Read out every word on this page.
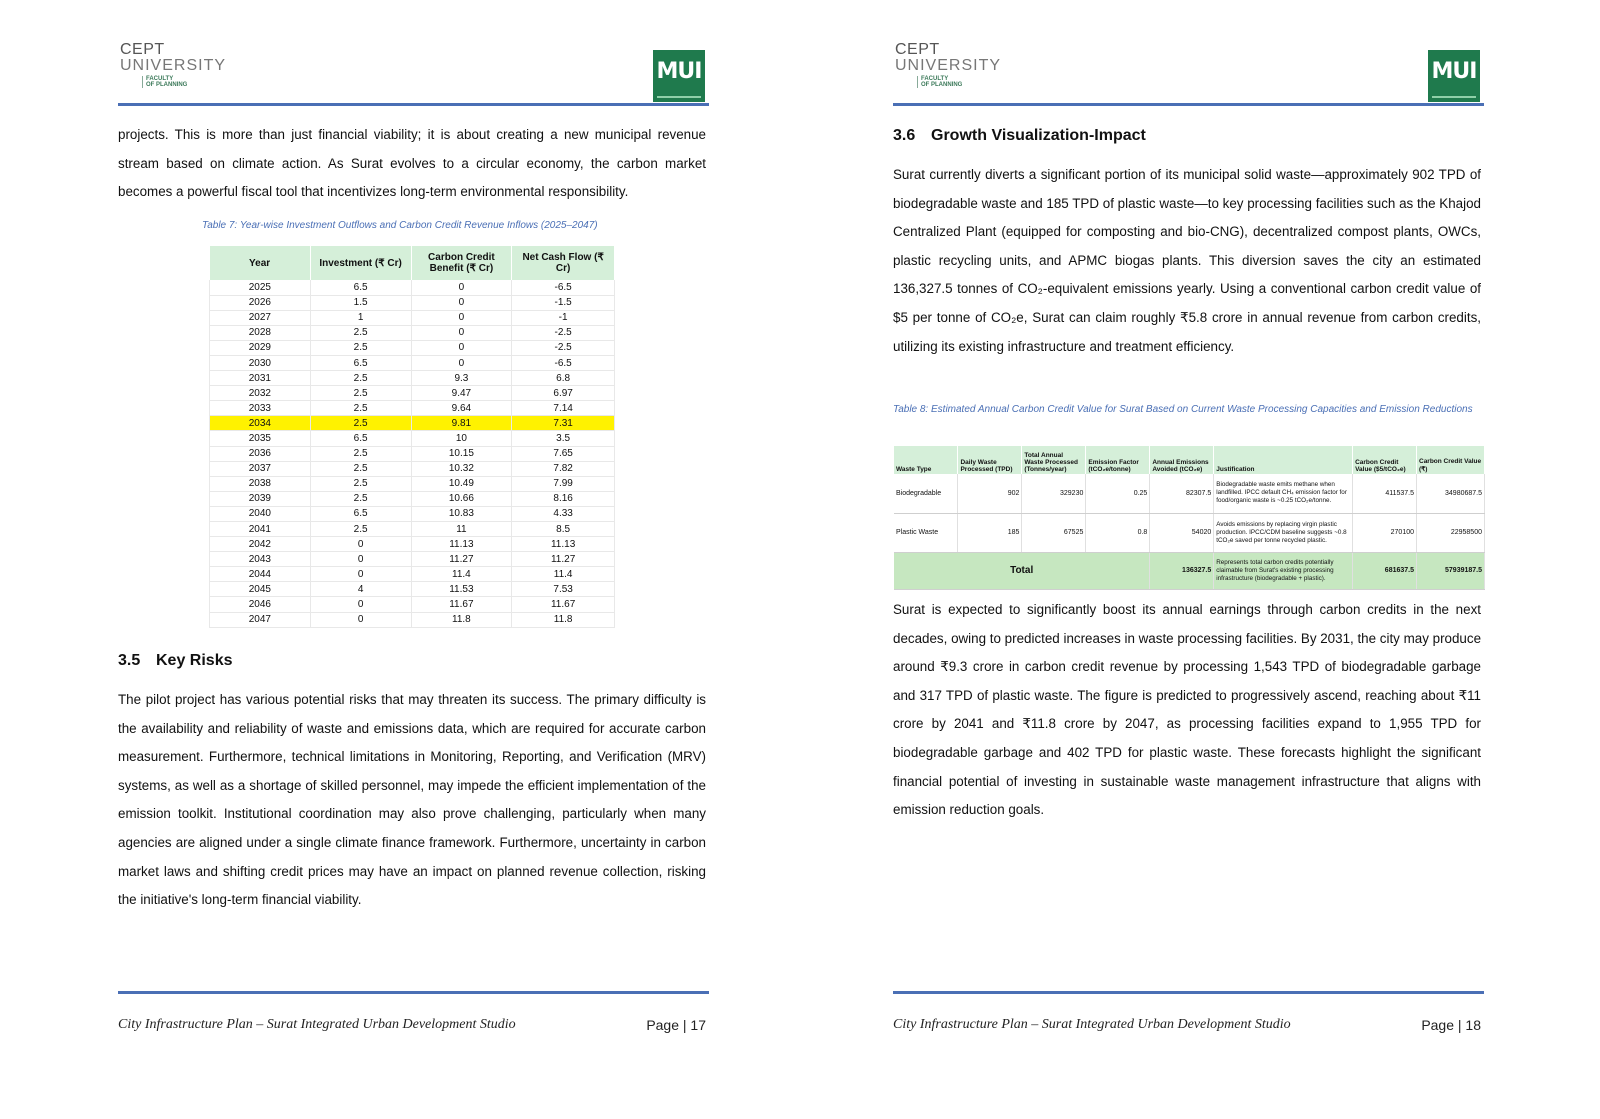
CEPT
UNIVERSITY
FACULTY
OF PLANNING
MUI

projects. This is more than just financial viability; it is about creating a new municipal revenue stream based on climate action. As Surat evolves to a circular economy, the carbon market becomes a powerful fiscal tool that incentivizes long-term environmental responsibility.

Table 7: Year-wise Investment Outflows and Carbon Credit Revenue Inflows (2025–2047)
Year	Investment (₹ Cr)	Carbon Credit Benefit (₹ Cr)	Net Cash Flow (₹ Cr)
2025	6.5	0	-6.5
2026	1.5	0	-1.5
2027	1	0	-1
2028	2.5	0	-2.5
2029	2.5	0	-2.5
2030	6.5	0	-6.5
2031	2.5	9.3	6.8
2032	2.5	9.47	6.97
2033	2.5	9.64	7.14
2034	2.5	9.81	7.31
2035	6.5	10	3.5
2036	2.5	10.15	7.65
2037	2.5	10.32	7.82
2038	2.5	10.49	7.99
2039	2.5	10.66	8.16
2040	6.5	10.83	4.33
2041	2.5	11	8.5
2042	0	11.13	11.13
2043	0	11.27	11.27
2044	0	11.4	11.4
2045	4	11.53	7.53
2046	0	11.67	11.67
2047	0	11.8	11.8
3.5 Key Risks

The pilot project has various potential risks that may threaten its success. The primary difficulty is the availability and reliability of waste and emissions data, which are required for accurate carbon measurement. Furthermore, technical limitations in Monitoring, Reporting, and Verification (MRV) systems, as well as a shortage of skilled personnel, may impede the efficient implementation of the emission toolkit. Institutional coordination may also prove challenging, particularly when many agencies are aligned under a single climate finance framework. Furthermore, uncertainty in carbon market laws and shifting credit prices may have an impact on planned revenue collection, risking the initiative's long-term financial viability.

City Infrastructure Plan – Surat Integrated Urban Development Studio	Page | 17
CEPT
UNIVERSITY
FACULTY
OF PLANNING
MUI
3.6 Growth Visualization-Impact

Surat currently diverts a significant portion of its municipal solid waste—approximately 902 TPD of biodegradable waste and 185 TPD of plastic waste—to key processing facilities such as the Khajod Centralized Plant (equipped for composting and bio-CNG), decentralized compost plants, OWCs, plastic recycling units, and APMC biogas plants. This diversion saves the city an estimated 136,327.5 tonnes of CO₂-equivalent emissions yearly. Using a conventional carbon credit value of $5 per tonne of CO₂e, Surat can claim roughly ₹5.8 crore in annual revenue from carbon credits, utilizing its existing infrastructure and treatment efficiency.

Table 8: Estimated Annual Carbon Credit Value for Surat Based on Current Waste Processing Capacities and Emission Reductions
City Infrastructure Plan – Surat Integrated Urban Development Studio	Page | 18
Waste Type	Daily Waste Processed (TPD)	Total Annual Waste Processed (Tonnes/year)	Emission Factor (tCO₂e/tonne)	Annual Emissions Avoided (tCO₂e)	Justification	Carbon Credit Value ($5/tCO₂e)	Carbon Credit Value (₹)
Biodegradable	902	329230	0.25	82307.5	Biodegradable waste emits methane when landfilled. IPCC default CH₄ emission factor for food/organic waste is ~0.25 tCO₂e/tonne.	411537.5	34980687.5
Plastic Waste	185	67525	0.8	54020	Avoids emissions by replacing virgin plastic production. IPCC/CDM baseline suggests ~0.8 tCO₂e saved per tonne recycled plastic.	270100	22958500
Total				136327.5	Represents total carbon credits potentially claimable from Surat's existing processing infrastructure (biodegradable + plastic).	681637.5	57939187.5

Surat is expected to significantly boost its annual earnings through carbon credits in the next decades, owing to predicted increases in waste processing facilities. By 2031, the city may produce around ₹9.3 crore in carbon credit revenue by processing 1,543 TPD of biodegradable garbage and 317 TPD of plastic waste. The figure is predicted to progressively ascend, reaching about ₹11 crore by 2041 and ₹11.8 crore by 2047, as processing facilities expand to 1,955 TPD for biodegradable garbage and 402 TPD for plastic waste. These forecasts highlight the significant financial potential of investing in sustainable waste management infrastructure that aligns with emission reduction goals.
